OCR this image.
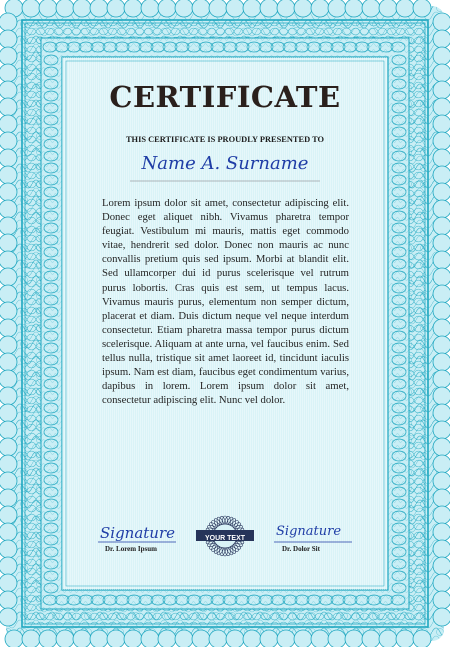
CERTIFICATE
THIS CERTIFICATE IS PROUDLY PRESENTED TO
Name A. Surname

Lorem ipsum dolor sit amet, consectetur adipiscing elit. Donec eget aliquet nibh. Vivamus pharetra tempor feugiat. Vestibulum mi mauris, mattis eget commodo vitae, hendrerit sed dolor. Donec non mauris ac nunc convallis pretium quis sed ipsum. Morbi at blandit elit. Sed ullamcorper dui id purus scelerisque vel rutrum purus lobortis. Cras quis est sem, ut tempus lacus. Vivamus mauris purus, elementum non semper dictum, placerat et diam. Duis dictum neque vel neque interdum consectetur. Etiam pharetra massa tempor purus dictum scelerisque. Aliquam at ante urna, vel faucibus enim. Sed tellus nulla, tristique sit amet laoreet id, tincidunt iaculis ipsum. Nam est diam, faucibus eget condimentum varius, dapibus in lorem. Lorem ipsum dolor sit amet, consectetur adipiscing elit. Nunc vel dolor.

Signature
Dr. Lorem Ipsum
YOUR TEXT	Signature
Dr. Dolor Sit
